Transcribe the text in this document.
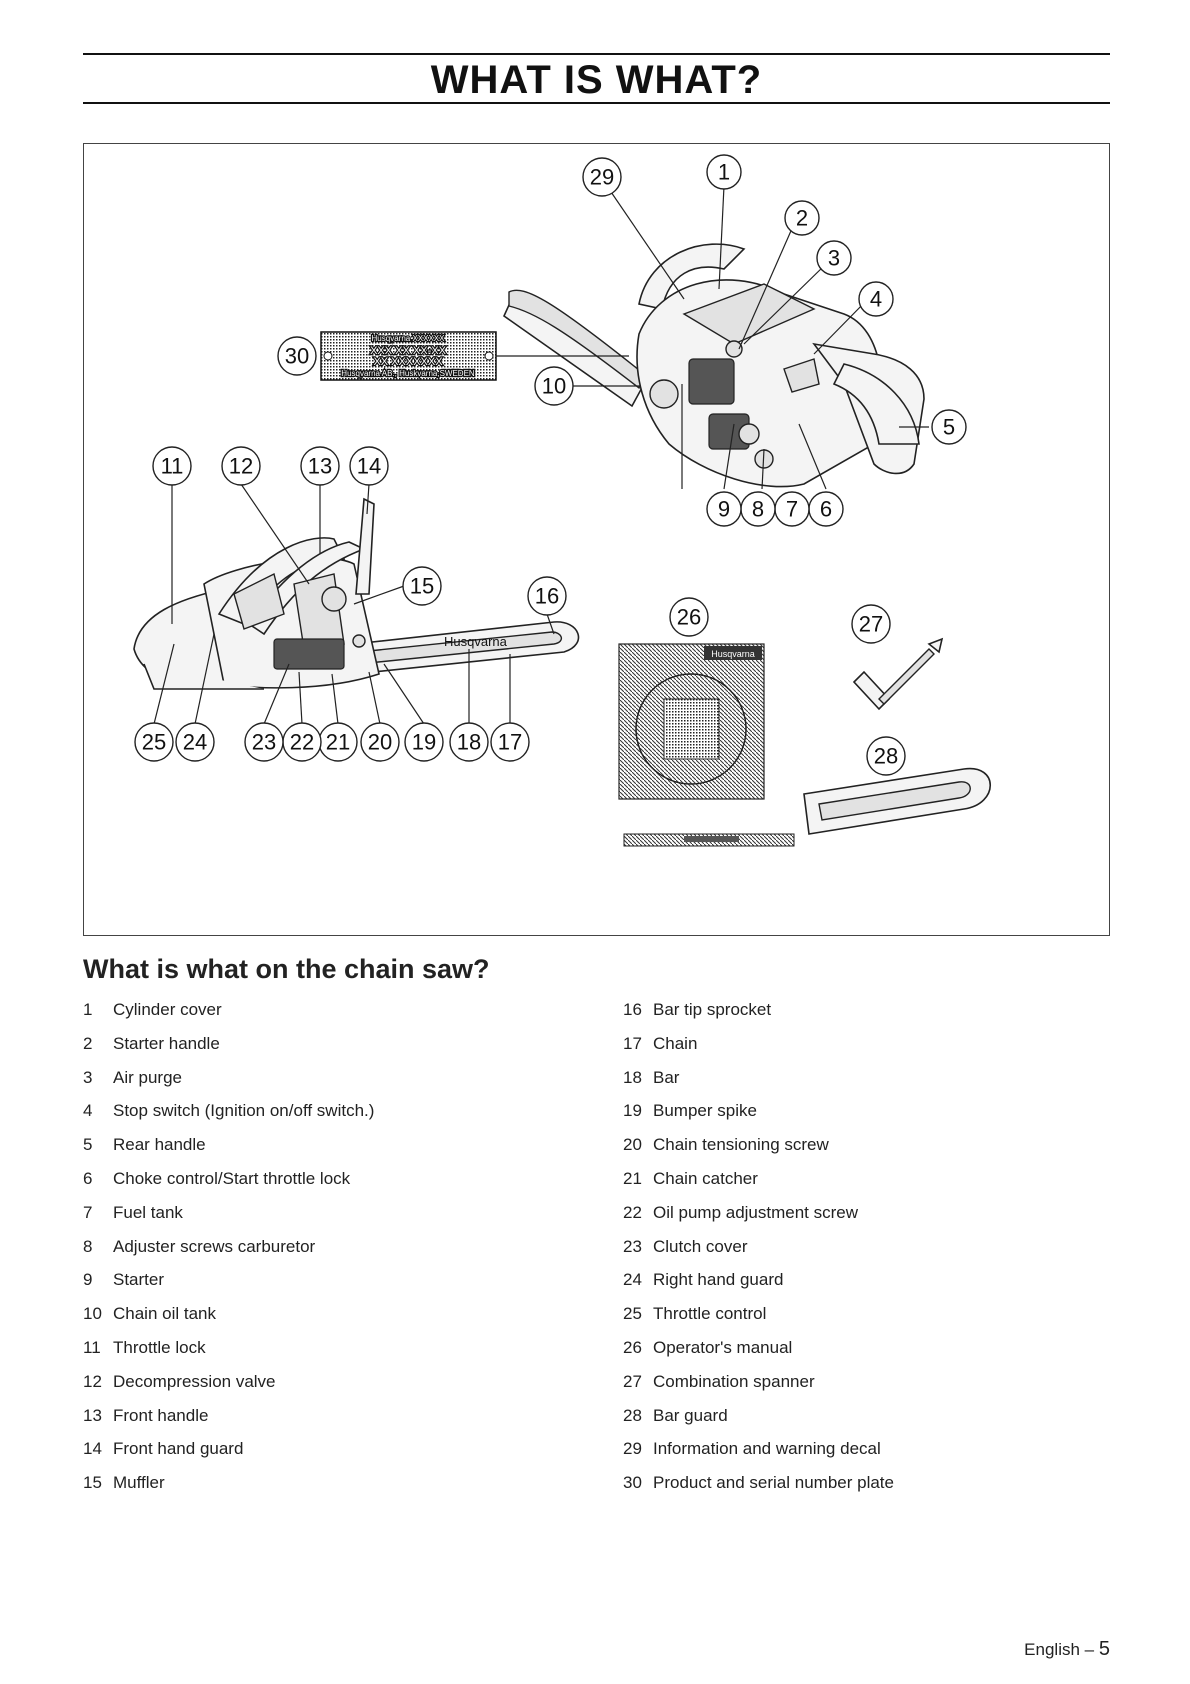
WHAT IS WHAT?
Husqvarna XXXXXX
XXX XX XX-XX
XX XXXXXXX
Husqvarna AB., Huskvarna,SWEDEN
Husqvarna
Husqvarna
1
2
3
4
5
6
7
8
9
10
11 12 13 14
15	16
17
18
19
20
21
22
23
24
25
26	27
28
29
30
What is what on the chain saw?
1	Cylinder cover
2	Starter handle
3	Air purge
4	Stop switch (Ignition on/off switch.)
5	Rear handle
6	Choke control/Start throttle lock
7	Fuel tank
8	Adjuster screws carburetor
9	Starter
10 Chain oil tank
11 Throttle lock
12 Decompression valve
13 Front handle
14 Front hand guard
15 Muffler
16 Bar tip sprocket
17 Chain
18 Bar
19 Bumper spike
20 Chain tensioning screw
21 Chain catcher
22 Oil pump adjustment screw
23 Clutch cover
24 Right hand guard
25 Throttle control
26 Operator's manual
27 Combination spanner
28 Bar guard
29 Information and warning decal
30 Product and serial number plate
English – 5
